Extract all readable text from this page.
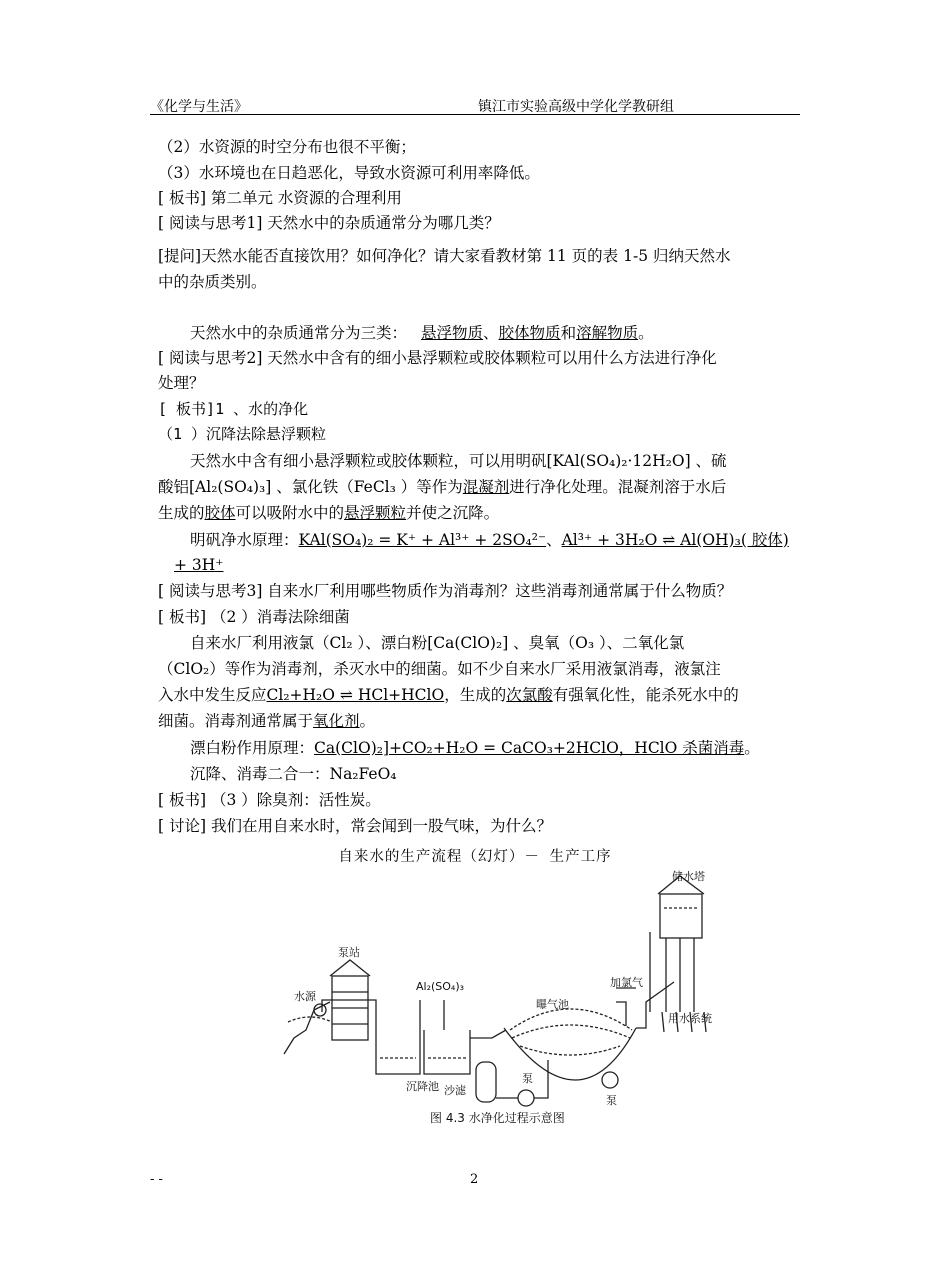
《化学与生活》	镇江市实验高级中学化学教研组
（2）水资源的时空分布也很不平衡；
（3）水环境也在日趋恶化，导致水资源可利用率降低。
[ 板书] 第二单元 水资源的合理利用
[ 阅读与思考1] 天然水中的杂质通常分为哪几类？
[提问]天然水能否直接饮用？如何净化？请大家看教材第 11 页的表 1-5 归纳天然水
中的杂质类别。
天然水中的杂质通常分为三类： 悬浮物质、胶体物质和溶解物质。
[ 阅读与思考2] 天然水中含有的细小悬浮颗粒或胶体颗粒可以用什么方法进行净化
处理？
[ 板书]1 、水的净化
（1 ）沉降法除悬浮颗粒
天然水中含有细小悬浮颗粒或胶体颗粒，可以用明矾[KAl(SO₄)₂·12H₂O] 、硫
酸铝[Al₂(SO₄)₃] 、氯化铁（FeCl₃ ）等作为混凝剂进行净化处理。混凝剂溶于水后
生成的胶体可以吸附水中的悬浮颗粒并使之沉降。
明矾净水原理：KAl(SO₄)₂ = K⁺ + Al³⁺ + 2SO₄²⁻、Al³⁺ + 3H₂O ⇌ Al(OH)₃( 胶体)
+ 3H⁺
[ 阅读与思考3] 自来水厂利用哪些物质作为消毒剂？这些消毒剂通常属于什么物质？
[ 板书] （2 ）消毒法除细菌
自来水厂利用液氯（Cl₂ ）、漂白粉[Ca(ClO)₂] 、臭氧（O₃ ）、二氧化氯
（ClO₂）等作为消毒剂，杀灭水中的细菌。如不少自来水厂采用液氯消毒，液氯注
入水中发生反应Cl₂+H₂O ⇌ HCl+HClO，生成的次氯酸有强氧化性，能杀死水中的
细菌。消毒剂通常属于氧化剂。
漂白粉作用原理：Ca(ClO)₂]+CO₂+H₂O = CaCO₃+2HClO，HClO 杀菌消毒。
沉降、消毒二合一：Na₂FeO₄
[ 板书] （3 ）除臭剂：活性炭。
[ 讨论] 我们在用自来水时，常会闻到一股气味，为什么？
自来水的生产流程（幻灯）－ 生产工序
泵站
水源
Al₂(SO₄)₃
曝气池
加氯气
储水塔
用水系统
沉降池 沙滤
泵
泵
图 4.3 水净化过程示意图
- -	2
